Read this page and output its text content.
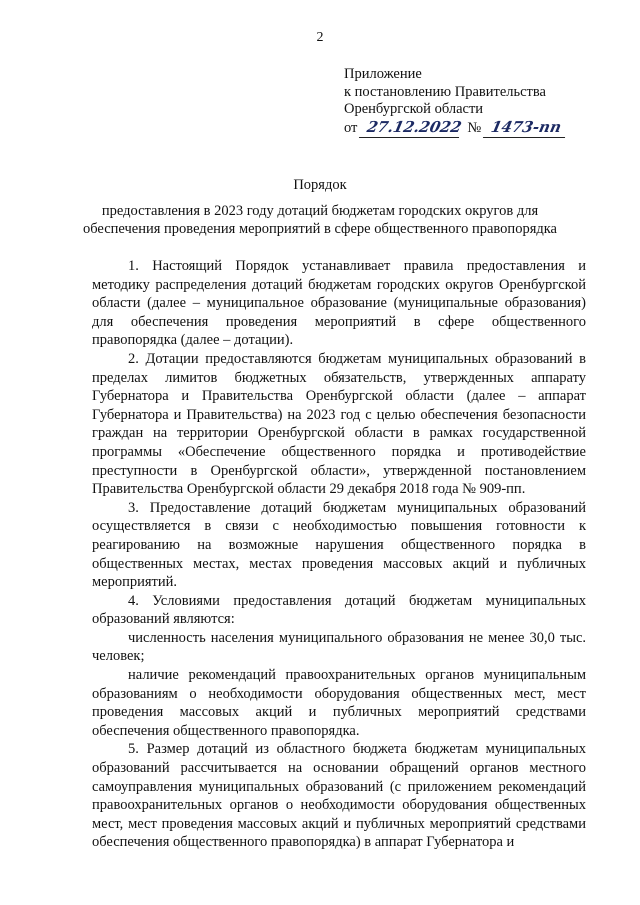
2
Приложение
к постановлению Правительства
Оренбургской области
от 27.12.2022 № 1473-пп
Порядок
предоставления в 2023 году дотаций бюджетам городских округов для
обеспечения проведения мероприятий в сфере общественного правопорядка

1. Настоящий Порядок устанавливает правила предоставления и методику распределения дотаций бюджетам городских округов Оренбургской области (далее – муниципальное образование (муниципальные образования) для обеспечения проведения мероприятий в сфере общественного правопорядка (далее – дотации).

2. Дотации предоставляются бюджетам муниципальных образований в пределах лимитов бюджетных обязательств, утвержденных аппарату Губернатора и Правительства Оренбургской области (далее – аппарат Губернатора и Правительства) на 2023 год с целью обеспечения безопасности граждан на территории Оренбургской области в рамках государственной программы «Обеспечение общественного порядка и противодействие преступности в Оренбургской области», утвержденной постановлением Правительства Оренбургской области 29 декабря 2018 года № 909-пп.

3. Предоставление дотаций бюджетам муниципальных образований осуществляется в связи с необходимостью повышения готовности к реагированию на возможные нарушения общественного порядка в общественных местах, местах проведения массовых акций и публичных мероприятий.

4. Условиями предоставления дотаций бюджетам муниципальных образований являются:

численность населения муниципального образования не менее 30,0 тыс. человек;

наличие рекомендаций правоохранительных органов муниципальным образованиям о необходимости оборудования общественных мест, мест проведения массовых акций и публичных мероприятий средствами обеспечения общественного правопорядка.

5. Размер дотаций из областного бюджета бюджетам муниципальных образований рассчитывается на основании обращений органов местного самоуправления муниципальных образований (с приложением рекомендаций правоохранительных органов о необходимости оборудования общественных мест, мест проведения массовых акций и публичных мероприятий средствами обеспечения общественного правопорядка) в аппарат Губернатора и
